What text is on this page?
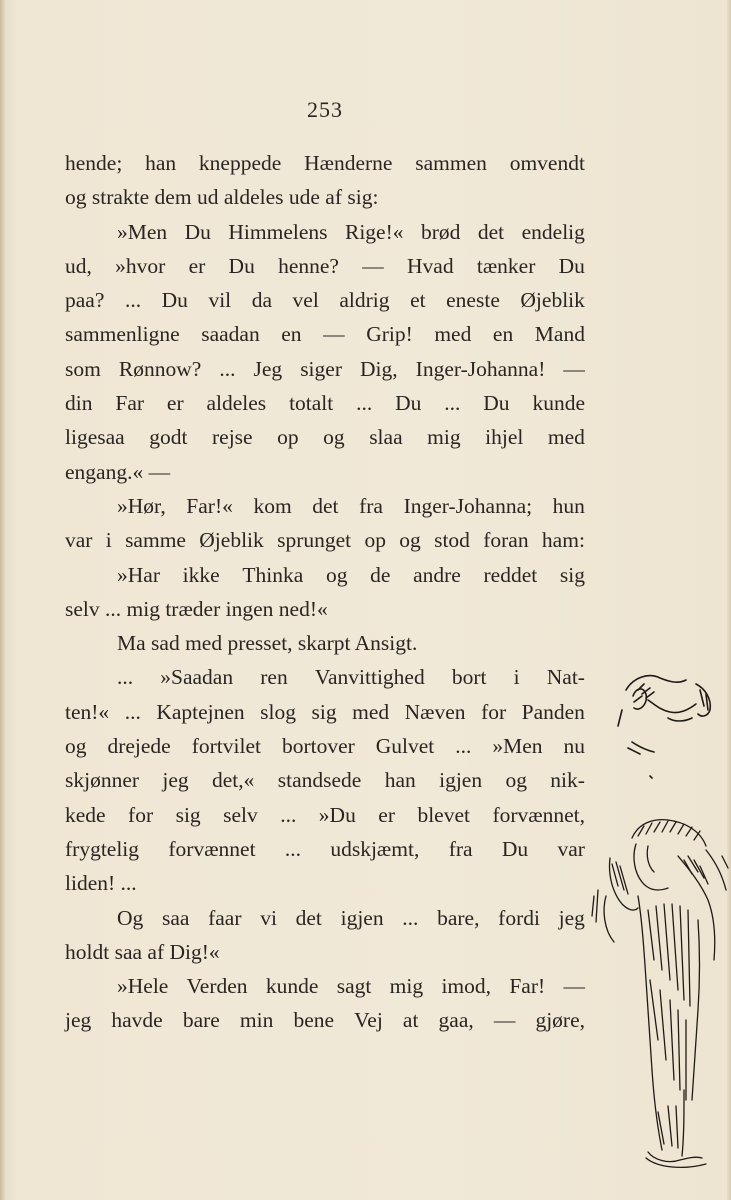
253
hende; han kneppede Hænderne sammen omvendt
og strakte dem ud aldeles ude af sig:
»Men Du Himmelens Rige!« brød det endelig
ud, »hvor er Du henne? — Hvad tænker Du
paa? ... Du vil da vel aldrig et eneste Øjeblik
sammenligne saadan en — Grip! med en Mand
som Rønnow? ... Jeg siger Dig, Inger-Johanna! —
din Far er aldeles totalt ... Du ... Du kunde
ligesaa godt rejse op og slaa mig ihjel med
engang.« —
»Hør, Far!« kom det fra Inger-Johanna; hun
var i samme Øjeblik sprunget op og stod foran ham:
»Har ikke Thinka og de andre reddet sig
selv ... mig træder ingen ned!«
Ma sad med presset, skarpt Ansigt.
... »Saadan ren Vanvittighed bort i Nat-
ten!« ... Kaptejnen slog sig med Næven for Panden
og drejede fortvilet bortover Gulvet ... »Men nu
skjønner jeg det,« standsede han igjen og nik-
kede for sig selv ... »Du er blevet forvænnet,
frygtelig forvænnet ... udskjæmt, fra Du var
liden! ...
Og saa faar vi det igjen ... bare, fordi jeg
holdt saa af Dig!«
»Hele Verden kunde sagt mig imod, Far! —
jeg havde bare min bene Vej at gaa, — gjøre,
